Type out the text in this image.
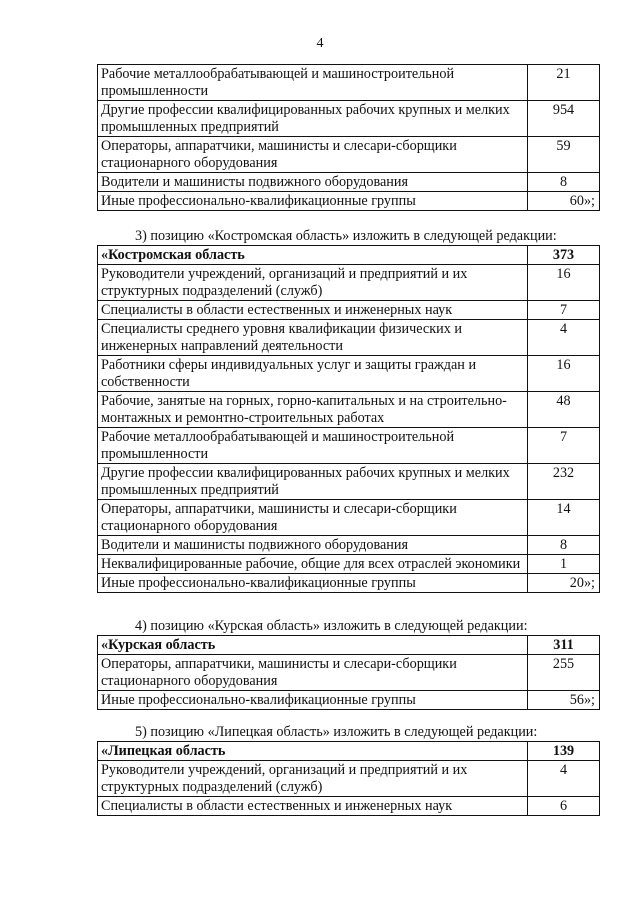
4
Рабочие металлообрабатывающей и машиностроительной промышленности	21
Другие профессии квалифицированных рабочих крупных и мелких промышленных предприятий	954
Операторы, аппаратчики, машинисты и слесари-сборщики стационарного оборудования	59
Водители и машинисты подвижного оборудования	8
Иные профессионально-квалификационные группы	60»;
3) позицию «Костромская область» изложить в следующей редакции:
«Костромская область	373
Руководители учреждений, организаций и предприятий и их структурных подразделений (служб)	16
Специалисты в области естественных и инженерных наук	7
Специалисты среднего уровня квалификации физических и инженерных направлений деятельности	4
Работники сферы индивидуальных услуг и защиты граждан и собственности	16
Рабочие, занятые на горных, горно-капитальных и на строительно-монтажных и ремонтно-строительных работах	48
Рабочие металлообрабатывающей и машиностроительной промышленности	7
Другие профессии квалифицированных рабочих крупных и мелких промышленных предприятий	232
Операторы, аппаратчики, машинисты и слесари-сборщики стационарного оборудования	14
Водители и машинисты подвижного оборудования	8
Неквалифицированные рабочие, общие для всех отраслей экономики	1
Иные профессионально-квалификационные группы	20»;
4) позицию «Курская область» изложить в следующей редакции:
«Курская область	311
Операторы, аппаратчики, машинисты и слесари-сборщики стационарного оборудования	255
Иные профессионально-квалификационные группы	56»;
5) позицию «Липецкая область» изложить в следующей редакции:
«Липецкая область	139
Руководители учреждений, организаций и предприятий и их структурных подразделений (служб)	4
Специалисты в области естественных и инженерных наук	6
